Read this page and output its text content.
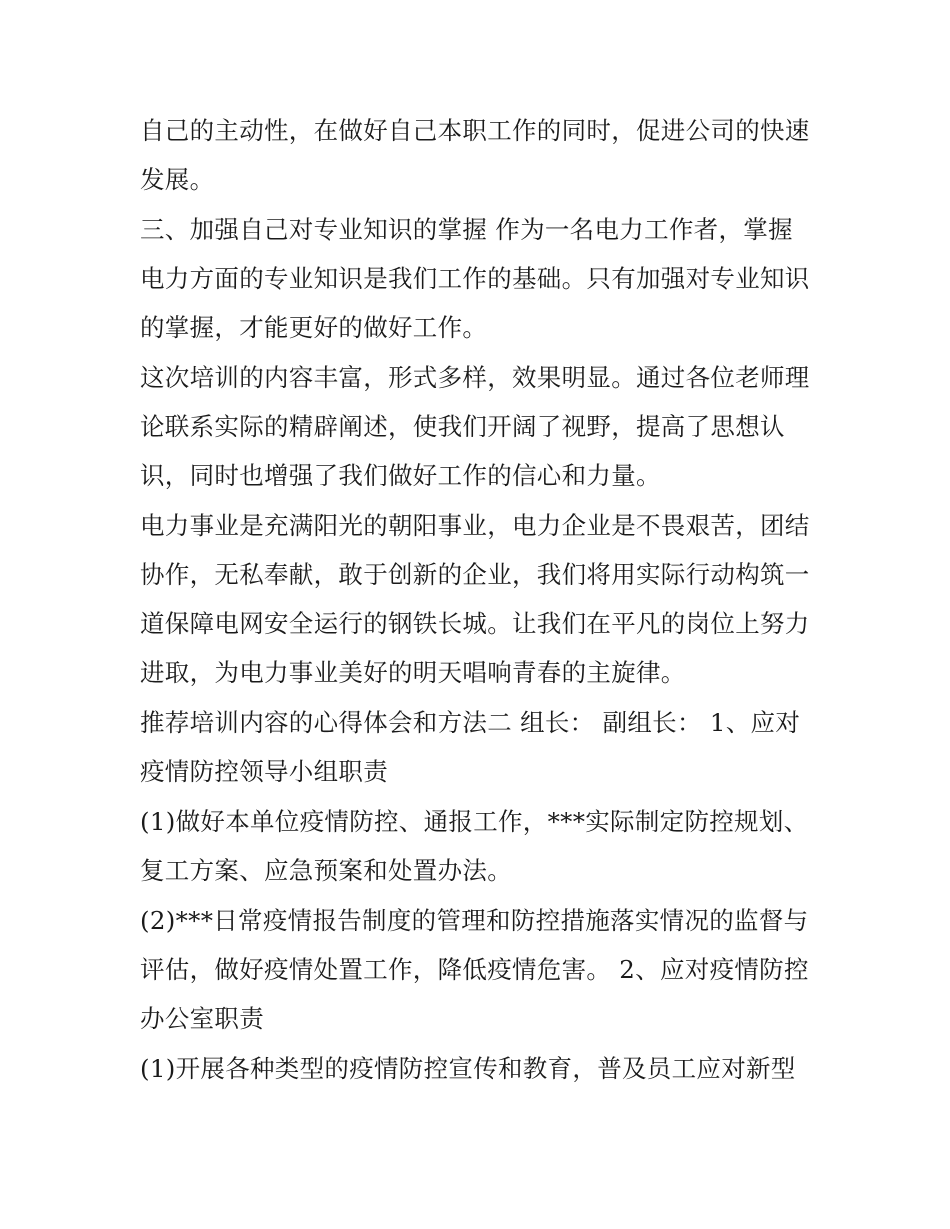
自己的主动性，在做好自己本职工作的同时，促进公司的快速
发展。

三、加强自己对专业知识的掌握 作为一名电力工作者，掌握
电力方面的专业知识是我们工作的基础。只有加强对专业知识
的掌握，才能更好的做好工作。

这次培训的内容丰富，形式多样，效果明显。通过各位老师理
论联系实际的精辟阐述，使我们开阔了视野，提高了思想认
识，同时也增强了我们做好工作的信心和力量。

电力事业是充满阳光的朝阳事业，电力企业是不畏艰苦，团结
协作，无私奉献，敢于创新的企业，我们将用实际行动构筑一
道保障电网安全运行的钢铁长城。让我们在平凡的岗位上努力
进取，为电力事业美好的明天唱响青春的主旋律。

推荐培训内容的心得体会和方法二 组长： 副组长： 1、应对
疫情防控领导小组职责

(1)做好本单位疫情防控、通报工作，***实际制定防控规划、
复工方案、应急预案和处置办法。

(2)***日常疫情报告制度的管理和防控措施落实情况的监督与
评估，做好疫情处置工作，降低疫情危害。 2、应对疫情防控
办公室职责

(1)开展各种类型的疫情防控宣传和教育，普及员工应对新型
